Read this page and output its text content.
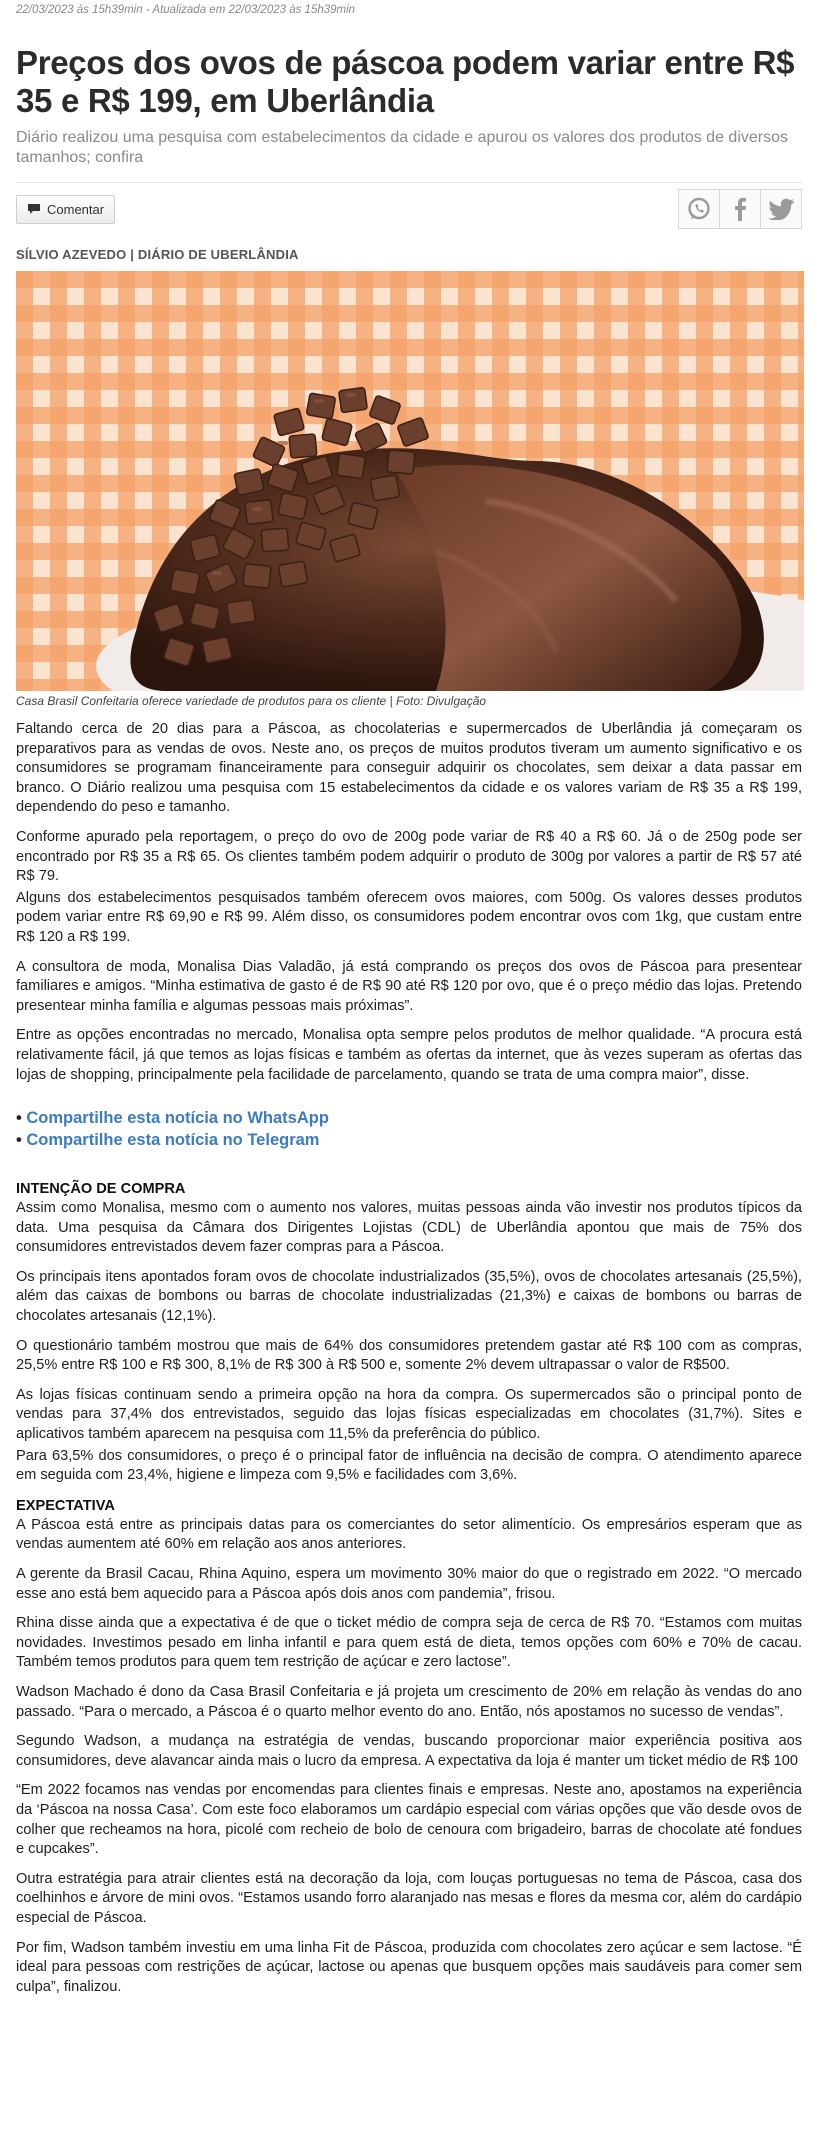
22/03/2023 às 15h39min - Atualizada em 22/03/2023 às 15h39min
Preços dos ovos de páscoa podem variar entre R$ 35 e R$ 199, em Uberlândia
Diário realizou uma pesquisa com estabelecimentos da cidade e apurou os valores dos produtos de diversos tamanhos; confira
Comentar
SÍLVIO AZEVEDO | DIÁRIO DE UBERLÂNDIA
Casa Brasil Confeitaria oferece variedade de produtos para os cliente | Foto: Divulgação

Faltando cerca de 20 dias para a Páscoa, as chocolaterias e supermercados de Uberlândia já começaram os preparativos para as vendas de ovos. Neste ano, os preços de muitos produtos tiveram um aumento significativo e os consumidores se programam financeiramente para conseguir adquirir os chocolates, sem deixar a data passar em branco. O Diário realizou uma pesquisa com 15 estabelecimentos da cidade e os valores variam de R$ 35 a R$ 199, dependendo do peso e tamanho.

Conforme apurado pela reportagem, o preço do ovo de 200g pode variar de R$ 40 a R$ 60. Já o de 250g pode ser encontrado por R$ 35 a R$ 65. Os clientes também podem adquirir o produto de 300g por valores a partir de R$ 57 até R$ 79.

Alguns dos estabelecimentos pesquisados também oferecem ovos maiores, com 500g. Os valores desses produtos podem variar entre R$ 69,90 e R$ 99. Além disso, os consumidores podem encontrar ovos com 1kg, que custam entre R$ 120 a R$ 199.

A consultora de moda, Monalisa Dias Valadão, já está comprando os preços dos ovos de Páscoa para presentear familiares e amigos. “Minha estimativa de gasto é de R$ 90 até R$ 120 por ovo, que é o preço médio das lojas. Pretendo presentear minha família e algumas pessoas mais próximas”.

Entre as opções encontradas no mercado, Monalisa opta sempre pelos produtos de melhor qualidade. “A procura está relativamente fácil, já que temos as lojas físicas e também as ofertas da internet, que às vezes superam as ofertas das lojas de shopping, principalmente pela facilidade de parcelamento, quando se trata de uma compra maior”, disse.

• Compartilhe esta notícia no WhatsApp
• Compartilhe esta notícia no Telegram
INTENÇÃO DE COMPRA

Assim como Monalisa, mesmo com o aumento nos valores, muitas pessoas ainda vão investir nos produtos típicos da data. Uma pesquisa da Câmara dos Dirigentes Lojistas (CDL) de Uberlândia apontou que mais de 75% dos consumidores entrevistados devem fazer compras para a Páscoa.

Os principais itens apontados foram ovos de chocolate industrializados (35,5%), ovos de chocolates artesanais (25,5%), além das caixas de bombons ou barras de chocolate industrializadas (21,3%) e caixas de bombons ou barras de chocolates artesanais (12,1%).

O questionário também mostrou que mais de 64% dos consumidores pretendem gastar até R$ 100 com as compras, 25,5% entre R$ 100 e R$ 300, 8,1% de R$ 300 à R$ 500 e, somente 2% devem ultrapassar o valor de R$500.

As lojas físicas continuam sendo a primeira opção na hora da compra. Os supermercados são o principal ponto de vendas para 37,4% dos entrevistados, seguido das lojas físicas especializadas em chocolates (31,7%). Sites e aplicativos também aparecem na pesquisa com 11,5% da preferência do público.

Para 63,5% dos consumidores, o preço é o principal fator de influência na decisão de compra. O atendimento aparece em seguida com 23,4%, higiene e limpeza com 9,5% e facilidades com 3,6%.

EXPECTATIVA

A Páscoa está entre as principais datas para os comerciantes do setor alimentício. Os empresários esperam que as vendas aumentem até 60% em relação aos anos anteriores.

A gerente da Brasil Cacau, Rhina Aquino, espera um movimento 30% maior do que o registrado em 2022. “O mercado esse ano está bem aquecido para a Páscoa após dois anos com pandemia”, frisou.

Rhina disse ainda que a expectativa é de que o ticket médio de compra seja de cerca de R$ 70. “Estamos com muitas novidades. Investimos pesado em linha infantil e para quem está de dieta, temos opções com 60% e 70% de cacau. Também temos produtos para quem tem restrição de açúcar e zero lactose”.

Wadson Machado é dono da Casa Brasil Confeitaria e já projeta um crescimento de 20% em relação às vendas do ano passado. “Para o mercado, a Páscoa é o quarto melhor evento do ano. Então, nós apostamos no sucesso de vendas”.

Segundo Wadson, a mudança na estratégia de vendas, buscando proporcionar maior experiência positiva aos consumidores, deve alavancar ainda mais o lucro da empresa. A expectativa da loja é manter um ticket médio de R$ 100

“Em 2022 focamos nas vendas por encomendas para clientes finais e empresas. Neste ano, apostamos na experiência da ‘Páscoa na nossa Casa’. Com este foco elaboramos um cardápio especial com várias opções que vão desde ovos de colher que recheamos na hora, picolé com recheio de bolo de cenoura com brigadeiro, barras de chocolate até fondues e cupcakes”.

Outra estratégia para atrair clientes está na decoração da loja, com louças portuguesas no tema de Páscoa, casa dos coelhinhos e árvore de mini ovos. “Estamos usando forro alaranjado nas mesas e flores da mesma cor, além do cardápio especial de Páscoa.

Por fim, Wadson também investiu em uma linha Fit de Páscoa, produzida com chocolates zero açúcar e sem lactose. “É ideal para pessoas com restrições de açúcar, lactose ou apenas que busquem opções mais saudáveis para comer sem culpa”, finalizou.
